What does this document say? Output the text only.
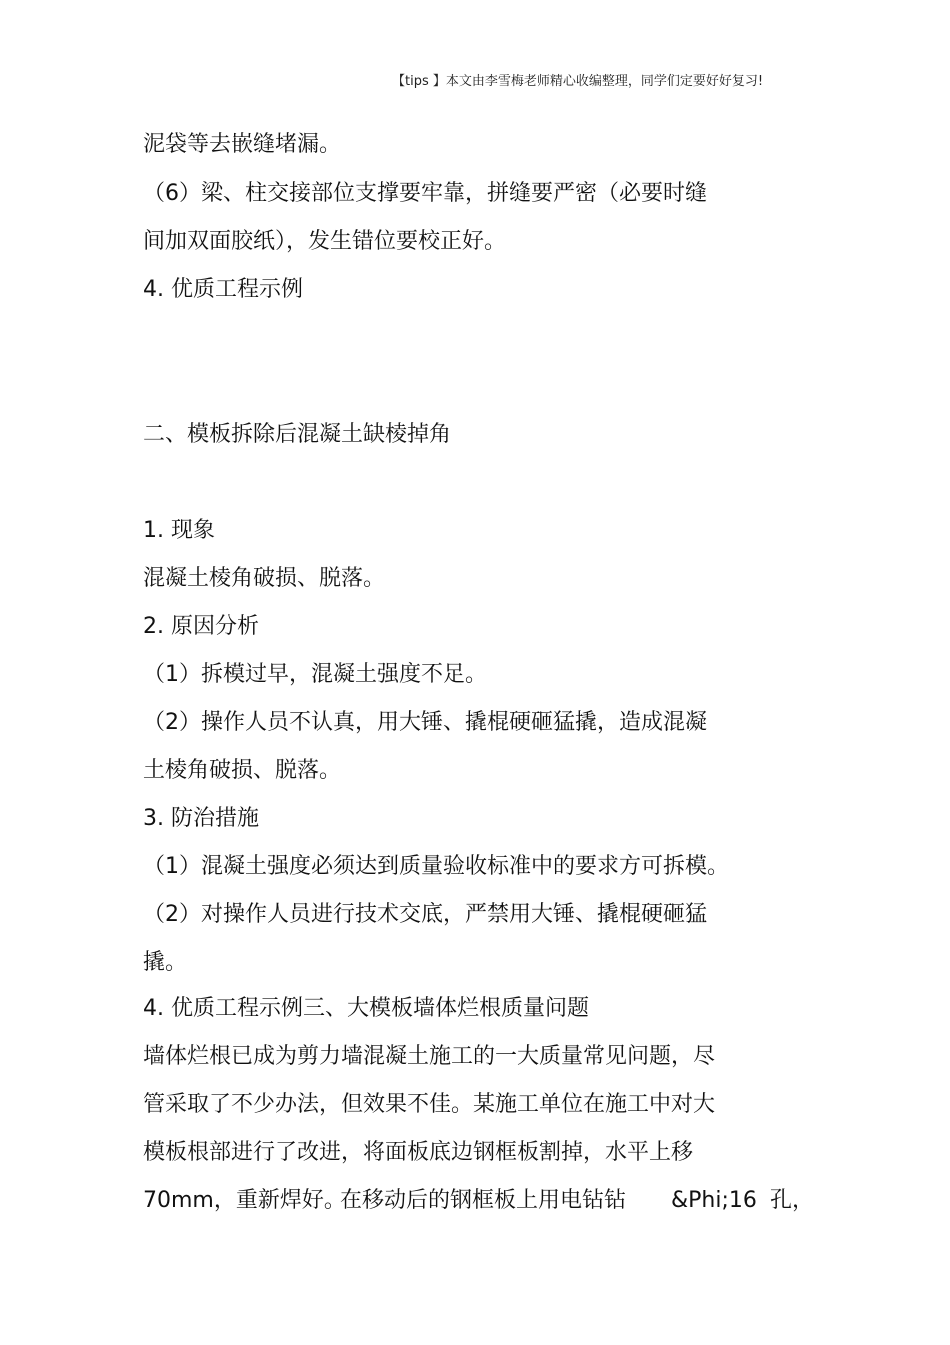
【tips 】本文由李雪梅老师精心收编整理，同学们定要好好复习!
泥袋等去嵌缝堵漏。
（6）梁、柱交接部位支撑要牢靠，拼缝要严密（必要时缝
间加双面胶纸），发生错位要校正好。
4. 优质工程示例
二、模板拆除后混凝土缺棱掉角
1. 现象
混凝土棱角破损、脱落。
2. 原因分析
（1）拆模过早，混凝土强度不足。
（2）操作人员不认真，用大锤、撬棍硬砸猛撬，造成混凝
土棱角破损、脱落。
3. 防治措施
（1）混凝土强度必须达到质量验收标准中的要求方可拆模。
（2）对操作人员进行技术交底，严禁用大锤、撬棍硬砸猛
撬。
4. 优质工程示例三、大模板墙体烂根质量问题
墙体烂根已成为剪力墙混凝土施工的一大质量常见问题，尽
管采取了不少办法，但效果不佳。某施工单位在施工中对大
模板根部进行了改进，将面板底边钢框板割掉，水平上移
70mm，重新焊好。
在移动后的钢框板上用电钻钻 &Phi;16 孔，
